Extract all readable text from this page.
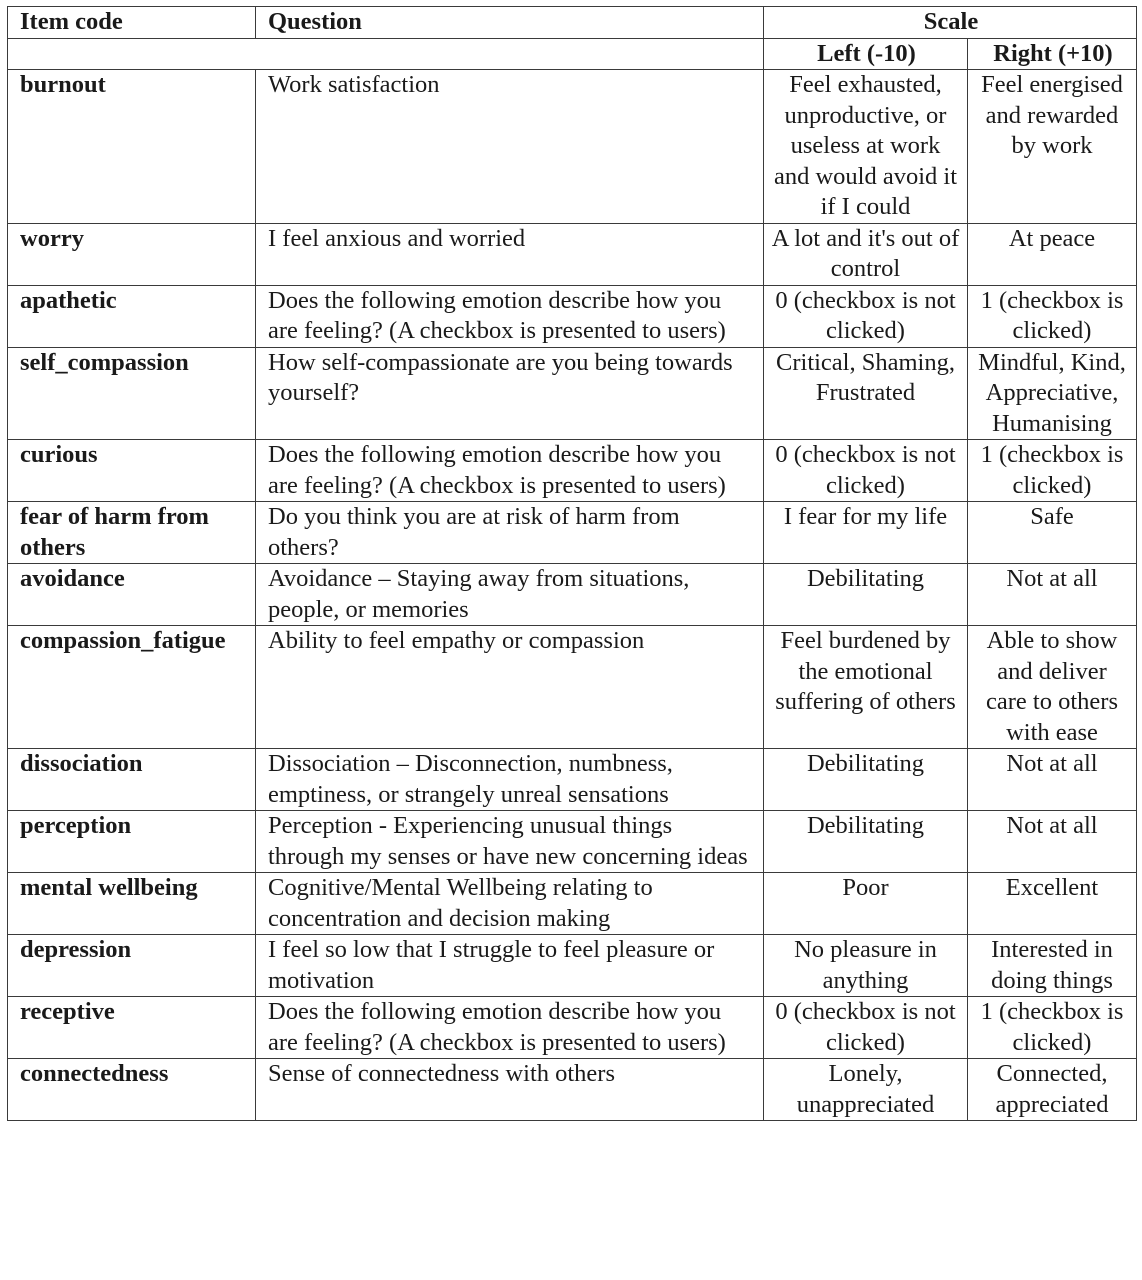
Item code	Question	Scale	
		Left (-10)	Right (+10)
burnout	Work satisfaction	Feel exhausted, unproductive, or useless at work and would avoid it if I could	Feel energised and rewarded by work
worry	I feel anxious and worried	A lot and it's out of control	At peace
apathetic	Does the following emotion describe how you are feeling? (A checkbox is presented to users)	0 (checkbox is not clicked)	1 (checkbox is clicked)
self_compassion	How self-compassionate are you being towards yourself?	Critical, Shaming, Frustrated	Mindful, Kind, Appreciative, Humanising
curious	Does the following emotion describe how you are feeling? (A checkbox is presented to users)	0 (checkbox is not clicked)	1 (checkbox is clicked)
fear of harm from others	Do you think you are at risk of harm from others?	I fear for my life	Safe
avoidance	Avoidance – Staying away from situations, people, or memories	Debilitating	Not at all
compassion_fatigue	Ability to feel empathy or compassion	Feel burdened by the emotional suffering of others	Able to show and deliver care to others with ease
dissociation	Dissociation – Disconnection, numbness, emptiness, or strangely unreal sensations	Debilitating	Not at all
perception	Perception - Experiencing unusual things through my senses or have new concerning ideas	Debilitating	Not at all
mental wellbeing	Cognitive/Mental Wellbeing relating to concentration and decision making	Poor	Excellent
depression	I feel so low that I struggle to feel pleasure or motivation	No pleasure in anything	Interested in doing things
receptive	Does the following emotion describe how you are feeling? (A checkbox is presented to users)	0 (checkbox is not clicked)	1 (checkbox is clicked)
connectedness	Sense of connectedness with others	Lonely, unappreciated	Connected, appreciated
